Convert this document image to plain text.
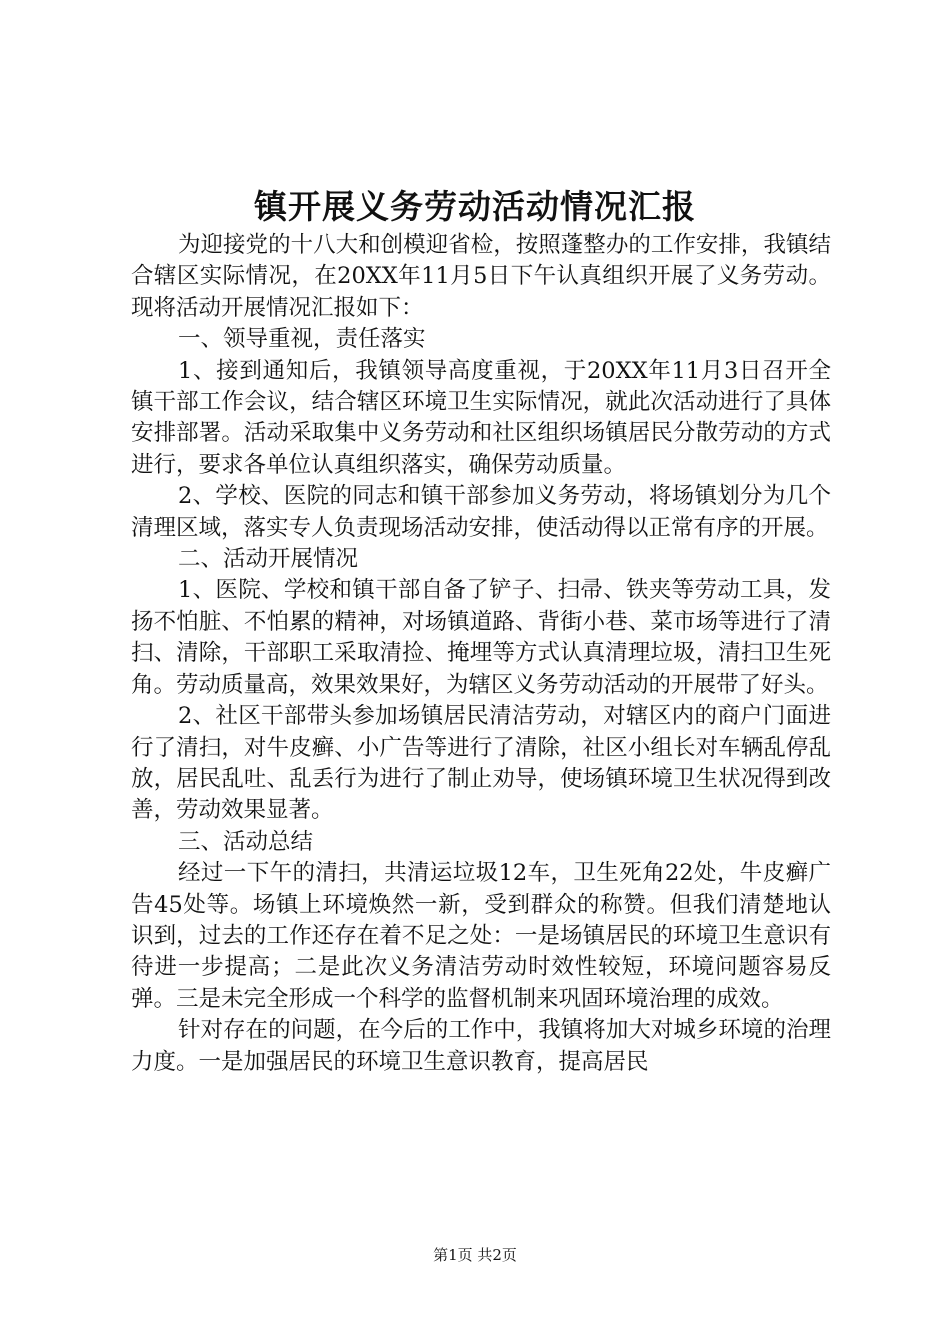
镇开展义务劳动活动情况汇报

为迎接党的十八大和创模迎省检，按照蓬整办的工作安排，我镇结合辖区实际情况，在20XX年11月5日下午认真组织开展了义务劳动。现将活动开展情况汇报如下：

一、领导重视，责任落实

1、接到通知后，我镇领导高度重视，于20XX年11月3日召开全镇干部工作会议，结合辖区环境卫生实际情况，就此次活动进行了具体安排部署。活动采取集中义务劳动和社区组织场镇居民分散劳动的方式进行，要求各单位认真组织落实，确保劳动质量。

2、学校、医院的同志和镇干部参加义务劳动，将场镇划分为几个清理区域，落实专人负责现场活动安排，使活动得以正常有序的开展。

二、活动开展情况

1、医院、学校和镇干部自备了铲子、扫帚、铁夹等劳动工具，发扬不怕脏、不怕累的精神，对场镇道路、背街小巷、菜市场等进行了清扫、清除，干部职工采取清捡、掩埋等方式认真清理垃圾，清扫卫生死角。劳动质量高，效果效果好，为辖区义务劳动活动的开展带了好头。

2、社区干部带头参加场镇居民清洁劳动，对辖区内的商户门面进行了清扫，对牛皮癣、小广告等进行了清除，社区小组长对车辆乱停乱放，居民乱吐、乱丢行为进行了制止劝导，使场镇环境卫生状况得到改善，劳动效果显著。

三、活动总结

经过一下午的清扫，共清运垃圾12车，卫生死角22处，牛皮癣广告45处等。场镇上环境焕然一新，受到群众的称赞。但我们清楚地认识到，过去的工作还存在着不足之处：一是场镇居民的环境卫生意识有待进一步提高；二是此次义务清洁劳动时效性较短，环境问题容易反弹。三是未完全形成一个科学的监督机制来巩固环境治理的成效。

针对存在的问题，在今后的工作中，我镇将加大对城乡环境的治理力度。一是加强居民的环境卫生意识教育，提高居民

第1页 共2页
